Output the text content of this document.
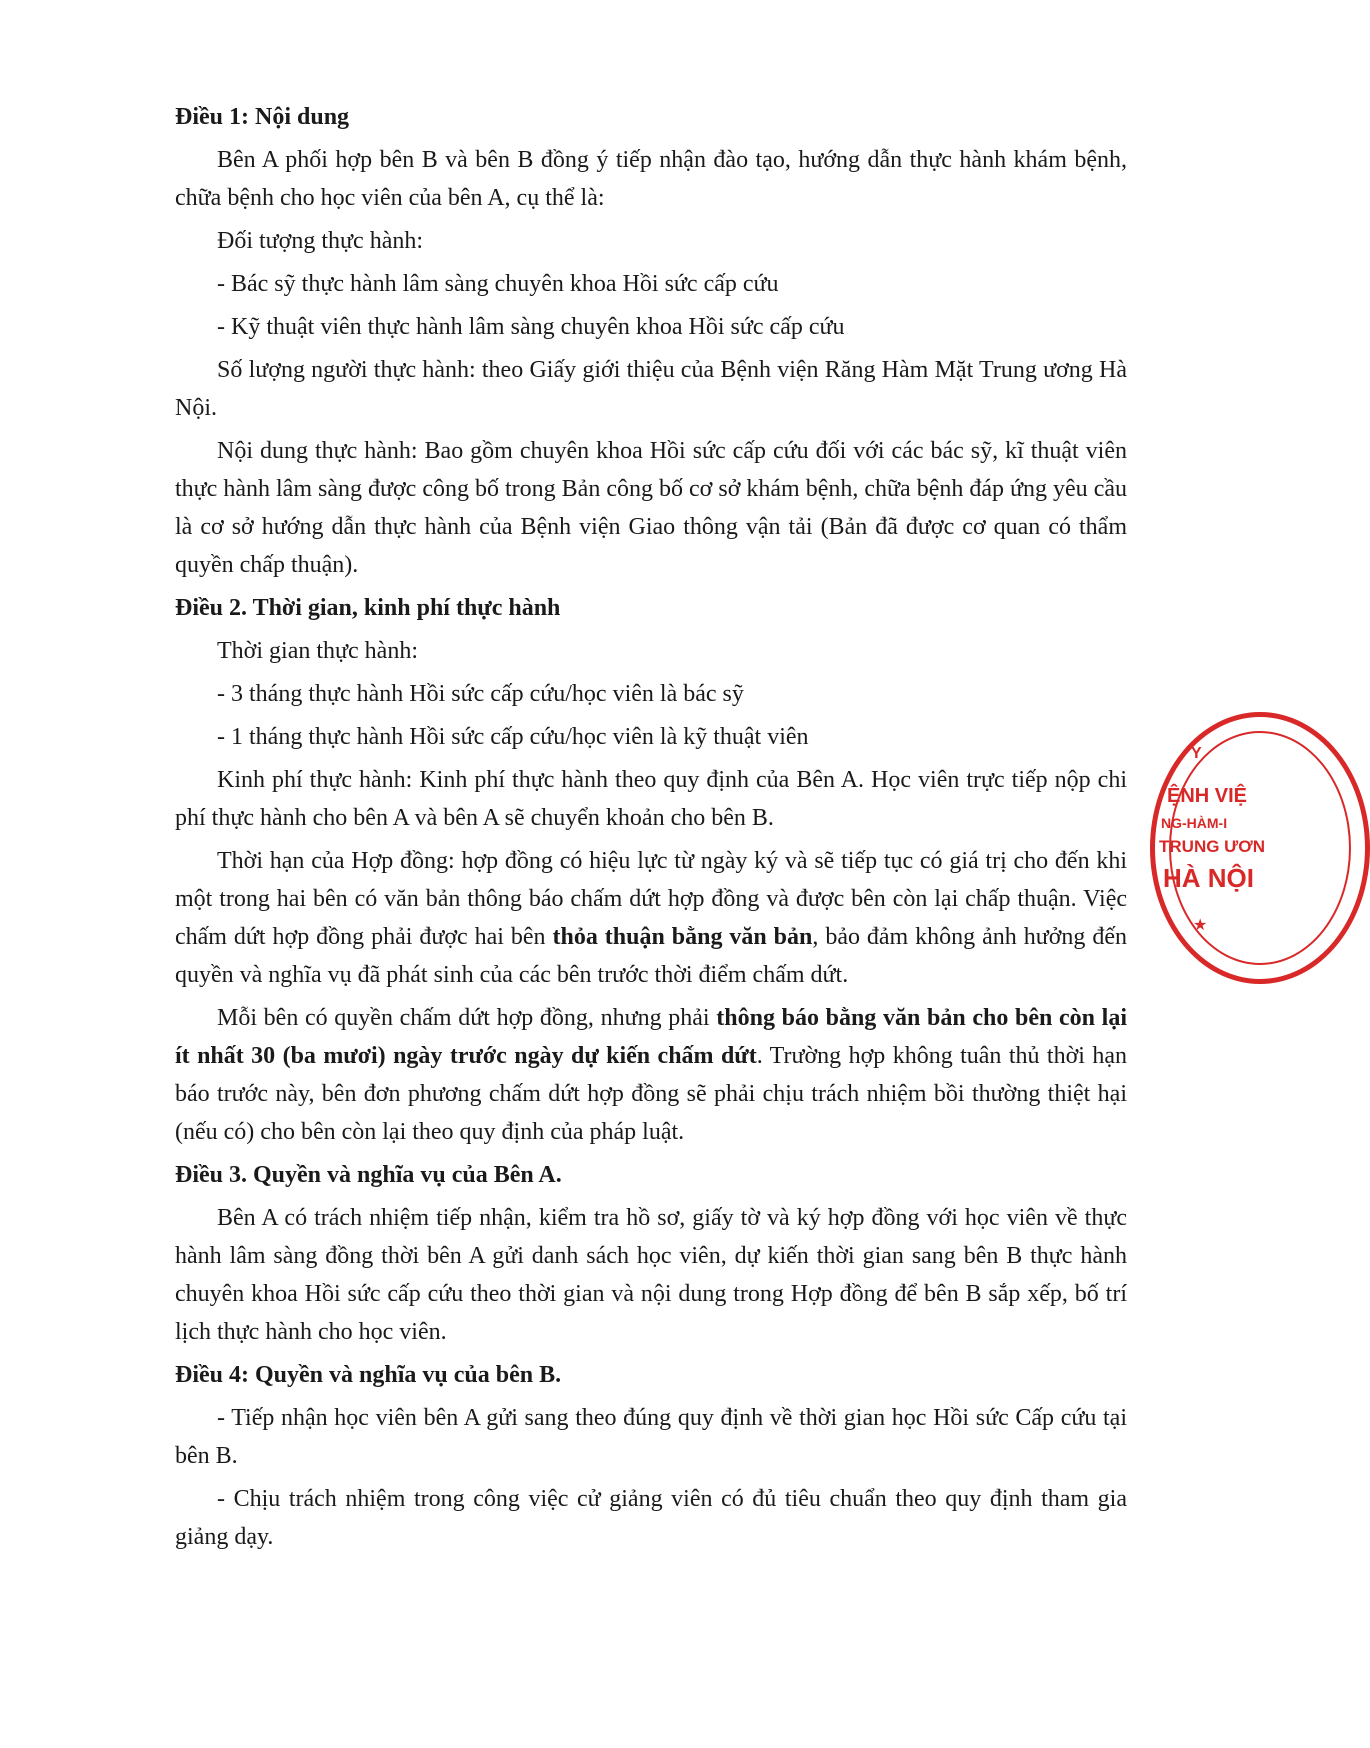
Điều 1: Nội dung

Bên A phối hợp bên B và bên B đồng ý tiếp nhận đào tạo, hướng dẫn thực hành khám bệnh, chữa bệnh cho học viên của bên A, cụ thể là:

Đối tượng thực hành:

- Bác sỹ thực hành lâm sàng chuyên khoa Hồi sức cấp cứu

- Kỹ thuật viên thực hành lâm sàng chuyên khoa Hồi sức cấp cứu

Số lượng người thực hành: theo Giấy giới thiệu của Bệnh viện Răng Hàm Mặt Trung ương Hà Nội.

Nội dung thực hành: Bao gồm chuyên khoa Hồi sức cấp cứu đối với các bác sỹ, kĩ thuật viên thực hành lâm sàng được công bố trong Bản công bố cơ sở khám bệnh, chữa bệnh đáp ứng yêu cầu là cơ sở hướng dẫn thực hành của Bệnh viện Giao thông vận tải (Bản đã được cơ quan có thẩm quyền chấp thuận).

Điều 2. Thời gian, kinh phí thực hành

Thời gian thực hành:

- 3 tháng thực hành Hồi sức cấp cứu/học viên là bác sỹ

- 1 tháng thực hành Hồi sức cấp cứu/học viên là kỹ thuật viên

Kinh phí thực hành: Kinh phí thực hành theo quy định của Bên A. Học viên trực tiếp nộp chi phí thực hành cho bên A và bên A sẽ chuyển khoản cho bên B.

Thời hạn của Hợp đồng: hợp đồng có hiệu lực từ ngày ký và sẽ tiếp tục có giá trị cho đến khi một trong hai bên có văn bản thông báo chấm dứt hợp đồng và được bên còn lại chấp thuận. Việc chấm dứt hợp đồng phải được hai bên thỏa thuận bằng văn bản, bảo đảm không ảnh hưởng đến quyền và nghĩa vụ đã phát sinh của các bên trước thời điểm chấm dứt.

Mỗi bên có quyền chấm dứt hợp đồng, nhưng phải thông báo bằng văn bản cho bên còn lại ít nhất 30 (ba mươi) ngày trước ngày dự kiến chấm dứt. Trường hợp không tuân thủ thời hạn báo trước này, bên đơn phương chấm dứt hợp đồng sẽ phải chịu trách nhiệm bồi thường thiệt hại (nếu có) cho bên còn lại theo quy định của pháp luật.

Điều 3. Quyền và nghĩa vụ của Bên A.

Bên A có trách nhiệm tiếp nhận, kiểm tra hồ sơ, giấy tờ và ký hợp đồng với học viên về thực hành lâm sàng đồng thời bên A gửi danh sách học viên, dự kiến thời gian sang bên B thực hành chuyên khoa Hồi sức cấp cứu theo thời gian và nội dung trong Hợp đồng để bên B sắp xếp, bố trí lịch thực hành cho học viên.

Điều 4: Quyền và nghĩa vụ của bên B.

- Tiếp nhận học viên bên A gửi sang theo đúng quy định về thời gian học Hồi sức Cấp cứu tại bên B.

- Chịu trách nhiệm trong công việc cử giảng viên có đủ tiêu chuẩn theo quy định tham gia giảng dạy.

Y
ỆNH VIỆ
NG-HÀM-I
TRUNG ƯƠN
HÀ NỘI
★
